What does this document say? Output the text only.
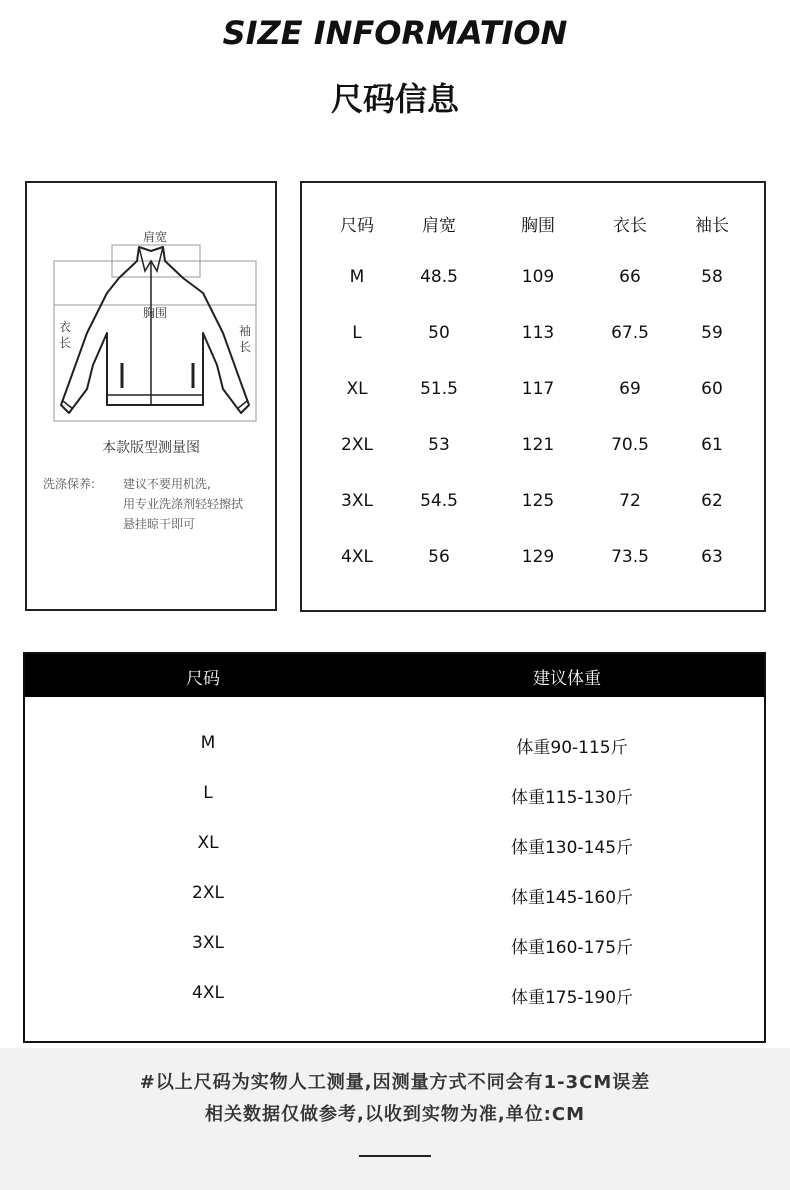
SIZE INFORMATION
尺码信息
肩宽
胸围
衣
长
袖
长
本款版型测量图
洗涤保养: 建议不要用机洗,
用专业洗涤剂轻轻擦拭
悬挂晾干即可
尺码	肩宽	胸围	衣长	袖长
M	48.5	109	66	58
L	50	113	67.5	59
XL	51.5	117	69	60
2XL	53	121	70.5	61
3XL	54.5	125	72	62
4XL	56	129	73.5	63
尺码	建议体重
M	体重90-115斤
L	体重115-130斤
XL	体重130-145斤
2XL	体重145-160斤
3XL	体重160-175斤
4XL	体重175-190斤
#以上尺码为实物人工测量,因测量方式不同会有1-3CM误差
相关数据仅做参考,以收到实物为准,单位:CM
